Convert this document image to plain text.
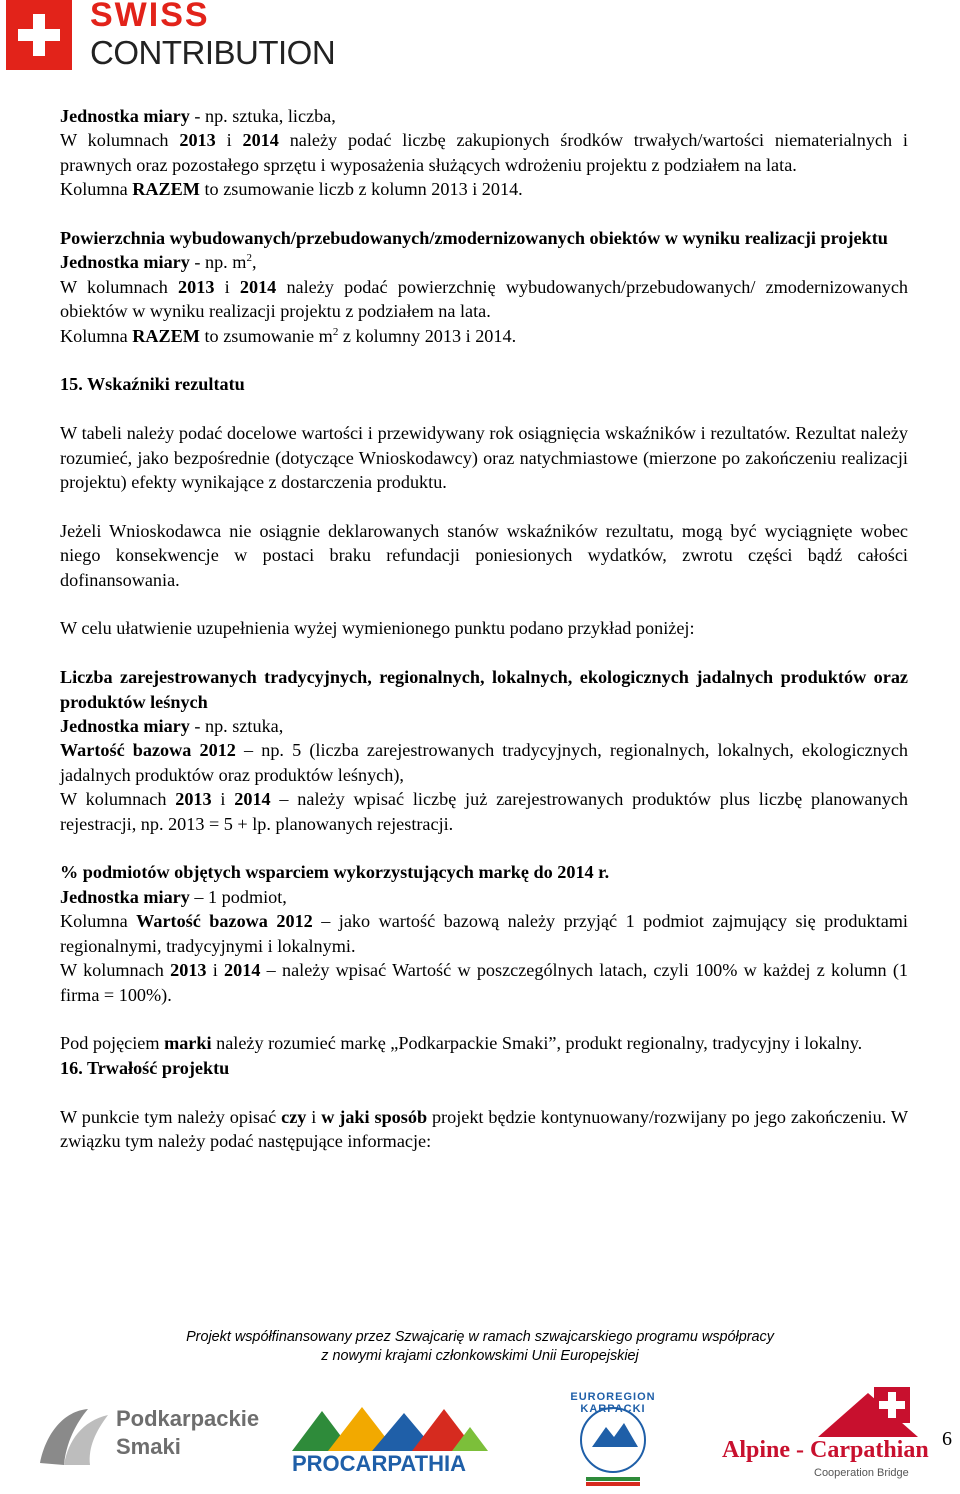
SWISS
CONTRIBUTION

Jednostka miary - np. sztuka, liczba,
W kolumnach 2013 i 2014 należy podać liczbę zakupionych środków trwałych/wartości niematerialnych i prawnych oraz pozostałego sprzętu i wyposażenia służących wdrożeniu projektu z podziałem na lata.
Kolumna RAZEM to zsumowanie liczb z kolumn 2013 i 2014.

Powierzchnia wybudowanych/przebudowanych/zmodernizowanych obiektów w wyniku realizacji projektu

Jednostka miary - np. $m^2$,
W kolumnach 2013 i 2014 należy podać powierzchnię wybudowanych/przebudowanych/ zmodernizowanych obiektów w wyniku realizacji projektu z podziałem na lata.
Kolumna RAZEM to zsumowanie $m^2$ z kolumny 2013 i 2014.

15. Wskaźniki rezultatu

W tabeli należy podać docelowe wartości i przewidywany rok osiągnięcia wskaźników i rezultatów. Rezultat należy rozumieć, jako bezpośrednie (dotyczące Wnioskodawcy) oraz natychmiastowe (mierzone po zakończeniu realizacji projektu) efekty wynikające z dostarczenia produktu.

Jeżeli Wnioskodawca nie osiągnie deklarowanych stanów wskaźników rezultatu, mogą być wyciągnięte wobec niego konsekwencje w postaci braku refundacji poniesionych wydatków, zwrotu części bądź całości dofinansowania.

W celu ułatwienie uzupełnienia wyżej wymienionego punktu podano przykład poniżej:

Liczba zarejestrowanych tradycyjnych, regionalnych, lokalnych, ekologicznych jadalnych produktów oraz produktów leśnych

Jednostka miary - np. sztuka,
Wartość bazowa 2012 – np. 5 (liczba zarejestrowanych tradycyjnych, regionalnych, lokalnych, ekologicznych jadalnych produktów oraz produktów leśnych),
W kolumnach 2013 i 2014 – należy wpisać liczbę już zarejestrowanych produktów plus liczbę planowanych rejestracji, np. 2013 = 5 + lp. planowanych rejestracji.

% podmiotów objętych wsparciem wykorzystujących markę do 2014 r.

Jednostka miary – 1 podmiot,
Kolumna Wartość bazowa 2012 – jako wartość bazową należy przyjąć 1 podmiot zajmujący się produktami regionalnymi, tradycyjnymi i lokalnymi.
W kolumnach 2013 i 2014 – należy wpisać Wartość w poszczególnych latach, czyli 100% w każdej z kolumn (1 firma = 100%).

Pod pojęciem marki należy rozumieć markę „Podkarpackie Smaki”, produkt regionalny, tradycyjny i lokalny.

16. Trwałość projektu

W punkcie tym należy opisać czy i w jaki sposób projekt będzie kontynuowany/rozwijany po jego zakończeniu. W związku tym należy podać następujące informacje:

Projekt współfinansowany przez Szwajcarię w ramach szwajcarskiego programu współpracy
z nowymi krajami członkowskimi Unii Europejskiej
Podkarpackie Smaki
PROCARPATHIA
EUROREGION KARPACKI
Alpine - Carpathian
Cooperation Bridge
6
